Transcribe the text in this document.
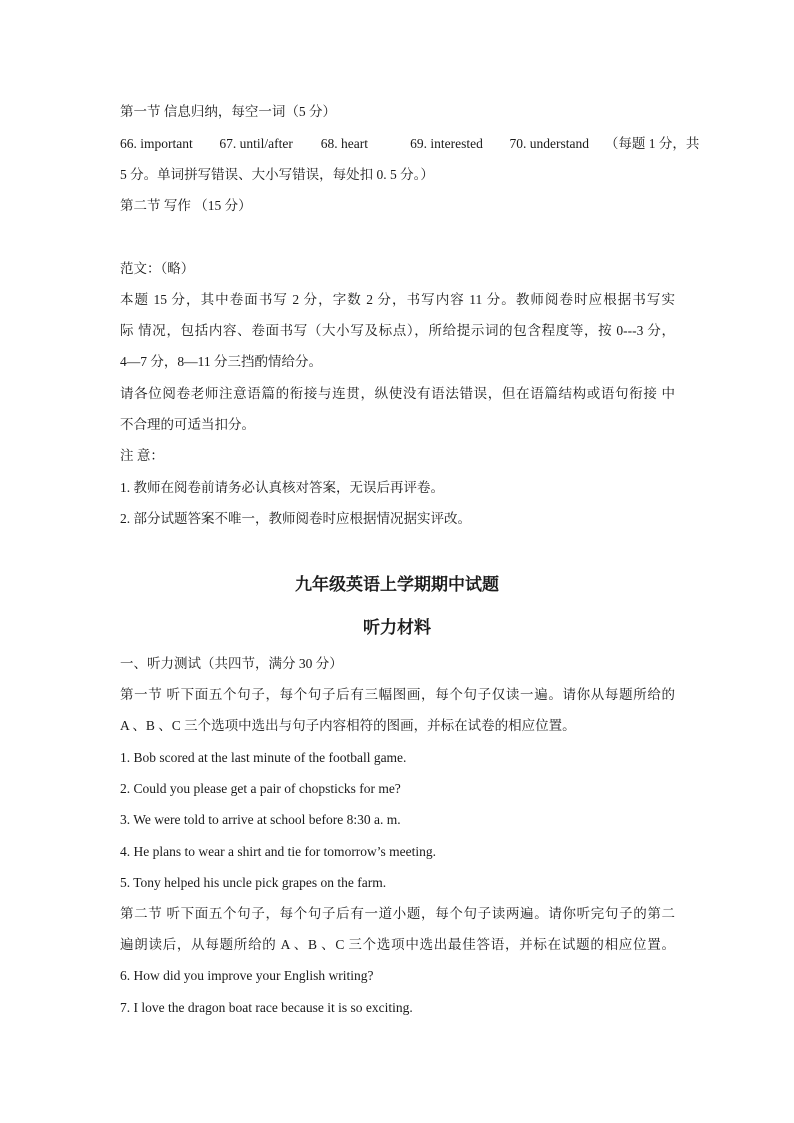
第一节 信息归纳，每空一词（5 分）
66. important 67. until/after 68. heart	69. interested 70. understand （每题 1 分，共
5 分。单词拼写错误、大小写错误，每处扣 0. 5 分。）
第二节 写作 （15 分）
范文：（略）
本题 15 分，其中卷面书写 2 分，字数 2 分，书写内容 11 分。教师阅卷时应根据书写实
际 情况，包括内容、卷面书写（大小写及标点），所给提示词的包含程度等，按 0---3 分，
4—7 分，8—11 分三挡酌情给分。
请各位阅卷老师注意语篇的衔接与连贯，纵使没有语法错误，但在语篇结构或语句衔接 中
不合理的可适当扣分。
注 意：
1. 教师在阅卷前请务必认真核对答案，无误后再评卷。
2. 部分试题答案不唯一，教师阅卷时应根据情况据实评改。
九年级英语上学期期中试题
听力材料
一、听力测试（共四节，满分 30 分）
第一节 听下面五个句子，每个句子后有三幅图画，每个句子仅读一遍。请你从每题所给的
A 、B 、C 三个选项中选出与句子内容相符的图画，并标在试卷的相应位置。
1. Bob scored at the last minute of the football game.
2. Could you please get a pair of chopsticks for me?
3. We were told to arrive at school before 8:30 a. m.
4. He plans to wear a shirt and tie for tomorrow’s meeting.
5. Tony helped his uncle pick grapes on the farm.
第二节 听下面五个句子，每个句子后有一道小题，每个句子读两遍。请你听完句子的第二
遍朗读后，从每题所给的 A 、B 、C 三个选项中选出最佳答语，并标在试题的相应位置。
6. How did you improve your English writing?
7. I love the dragon boat race because it is so exciting.
